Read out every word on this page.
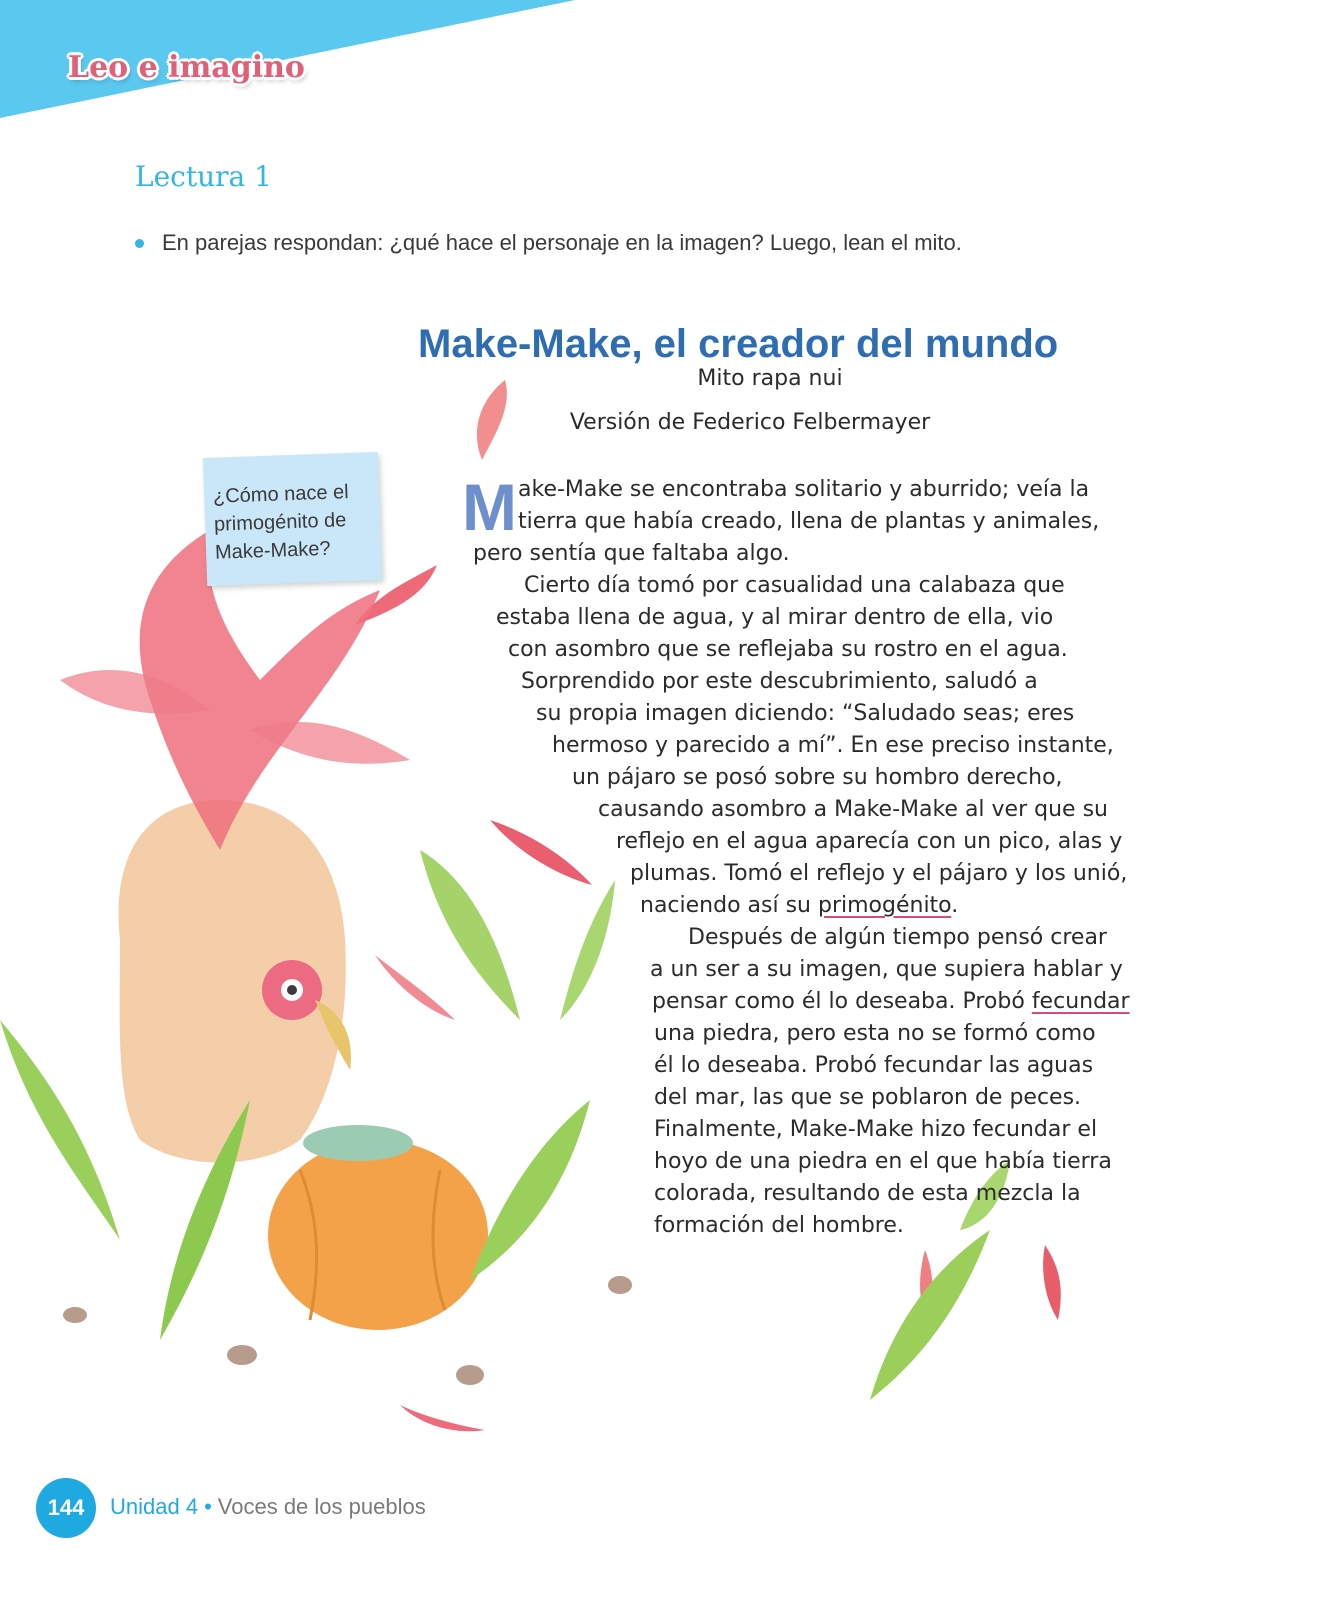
Leo e imagino
Lectura 1
En parejas respondan: ¿qué hace el personaje en la imagen? Luego, lean el mito.
¿Cómo nace el primogénito de Make-Make?
Make-Make, el creador del mundo
Mito rapa nui
Versión de Federico Felbermayer
M ake-Make se encontraba solitario y aburrido; veía la
tierra que había creado, llena de plantas y animales,
pero sentía que faltaba algo.
Cierto día tomó por casualidad una calabaza que
estaba llena de agua, y al mirar dentro de ella, vio
con asombro que se reflejaba su rostro en el agua.
Sorprendido por este descubrimiento, saludó a
su propia imagen diciendo: “Saludado seas; eres
hermoso y parecido a mí”. En ese preciso instante,
un pájaro se posó sobre su hombro derecho,
causando asombro a Make-Make al ver que su
reflejo en el agua aparecía con un pico, alas y
plumas. Tomó el reflejo y el pájaro y los unió,
naciendo así su primogénito.
Después de algún tiempo pensó crear
a un ser a su imagen, que supiera hablar y
pensar como él lo deseaba. Probó fecundar
una piedra, pero esta no se formó como
él lo deseaba. Probó fecundar las aguas
del mar, las que se poblaron de peces.
Finalmente, Make-Make hizo fecundar el
hoyo de una piedra en el que había tierra
colorada, resultando de esta mezcla la
formación del hombre.
144	Unidad 4 • Voces de los pueblos
